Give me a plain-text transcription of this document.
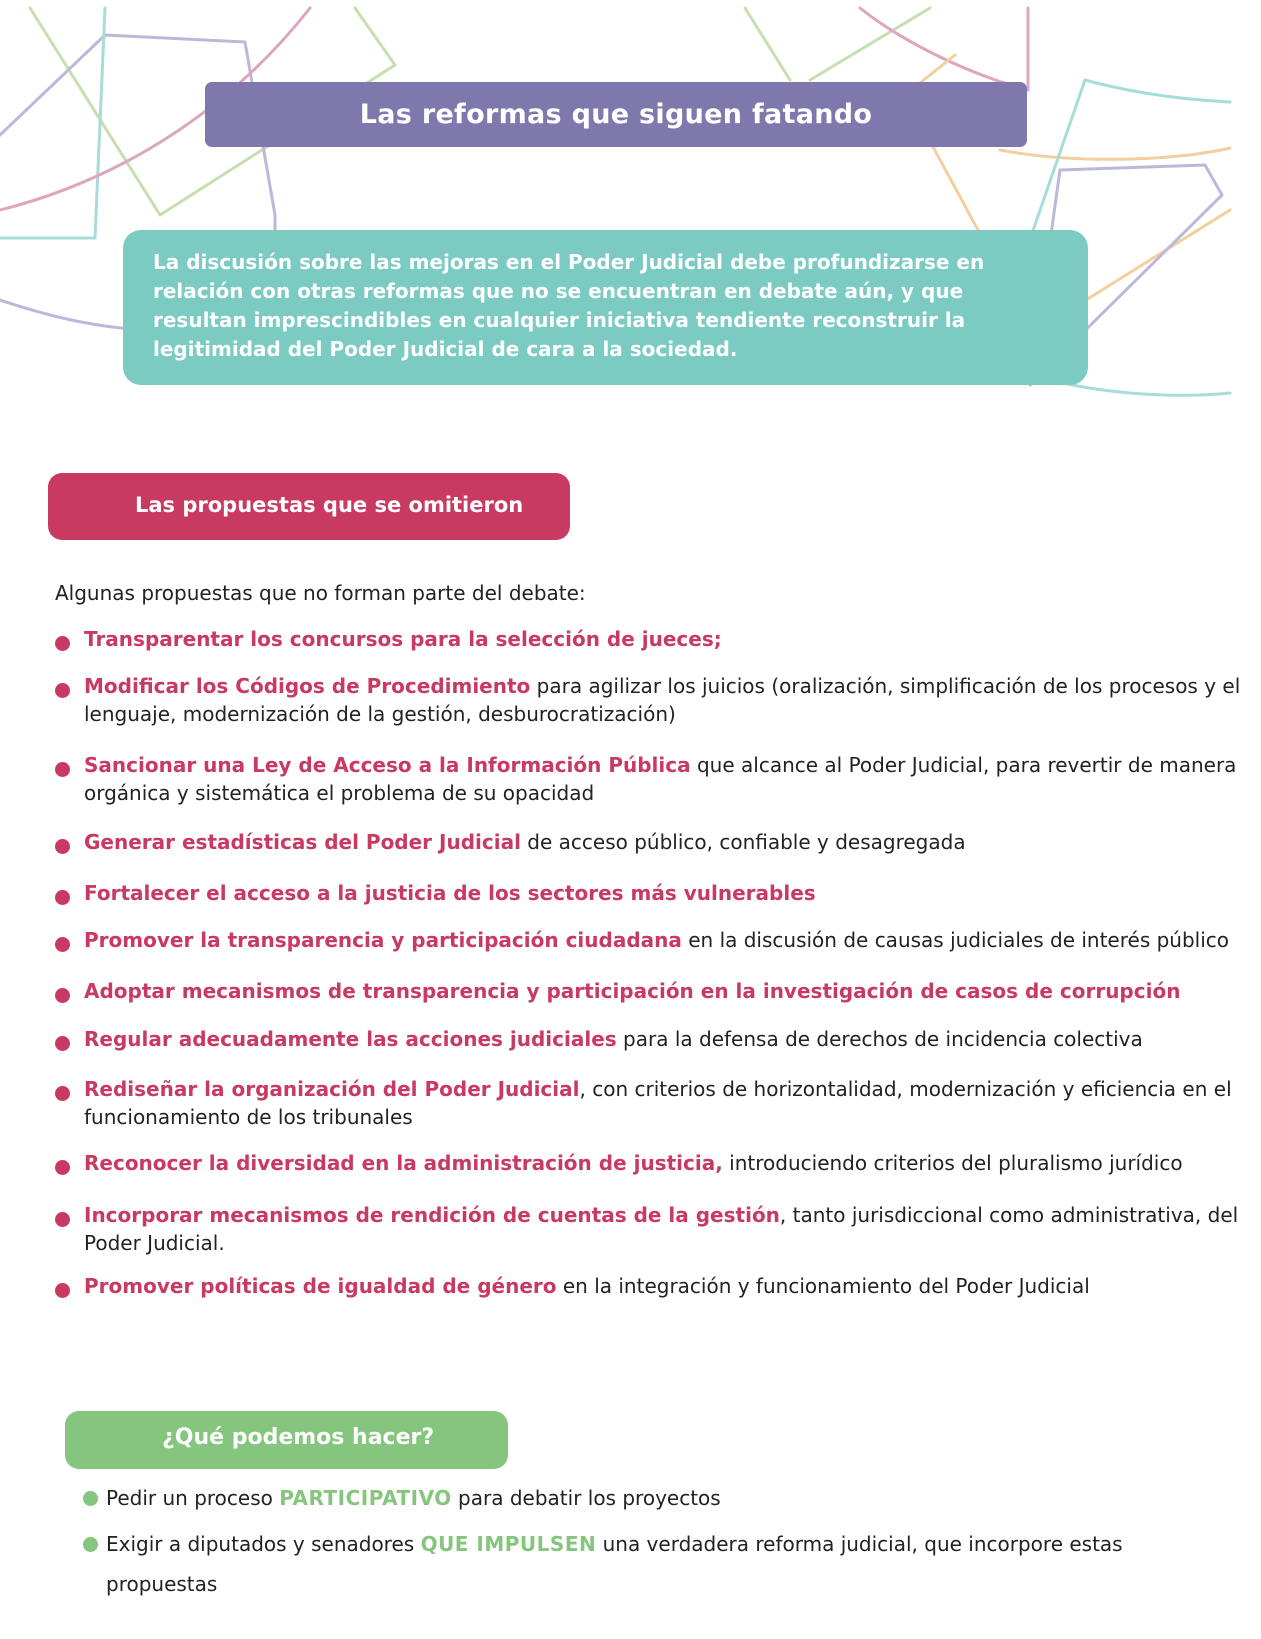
Las reformas que siguen fatando
La discusión sobre las mejoras en el Poder Judicial debe profundizarse en relación con otras reformas que no se encuentran en debate aún, y que resultan imprescindibles en cualquier iniciativa tendiente reconstruir la legitimidad del Poder Judicial de cara a la sociedad.
Las propuestas que se omitieron
Algunas propuestas que no forman parte del debate:
Transparentar los concursos para la selección de jueces;
Modificar los Códigos de Procedimiento para agilizar los juicios (oralización, simplificación de los procesos y el lenguaje, modernización de la gestión, desburocratización)
Sancionar una Ley de Acceso a la Información Pública que alcance al Poder Judicial, para revertir de manera orgánica y sistemática el problema de su opacidad
Generar estadísticas del Poder Judicial de acceso público, confiable y desagregada
Fortalecer el acceso a la justicia de los sectores más vulnerables
Promover la transparencia y participación ciudadana en la discusión de causas judiciales de interés público
Adoptar mecanismos de transparencia y participación en la investigación de casos de corrupción
Regular adecuadamente las acciones judiciales para la defensa de derechos de incidencia colectiva
Rediseñar la organización del Poder Judicial, con criterios de horizontalidad, modernización y eficiencia en el funcionamiento de los tribunales
Reconocer la diversidad en la administración de justicia, introduciendo criterios del pluralismo jurídico
Incorporar mecanismos de rendición de cuentas de la gestión, tanto jurisdiccional como administrativa, del Poder Judicial.
Promover políticas de igualdad de género en la integración y funcionamiento del Poder Judicial
¿Qué podemos hacer?
Pedir un proceso PARTICIPATIVO para debatir los proyectos
Exigir a diputados y senadores QUE IMPULSEN una verdadera reforma judicial, que incorpore estas propuestas
